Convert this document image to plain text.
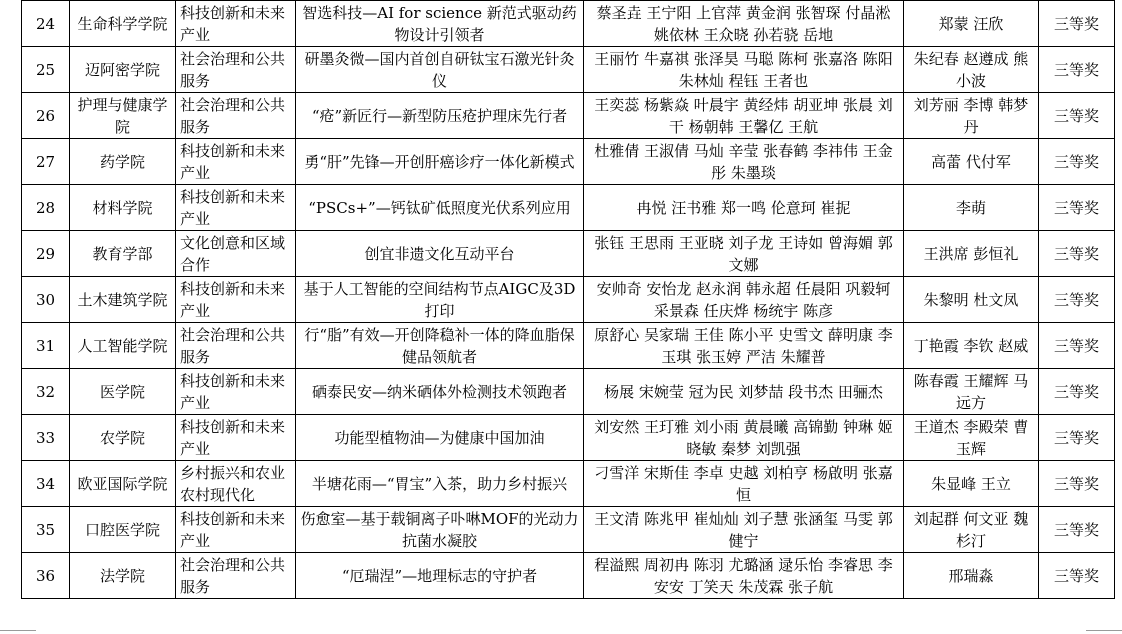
24	生命科学学院	科技创新和未来产业	智选科技—AI for science 新范式驱动药物设计引领者	蔡圣垚 王宁阳 上官萍 黄金润 张智琛 付晶淞 姚依林 王众晓 孙若骁 岳地	郑蒙 汪欣	三等奖
25	迈阿密学院	社会治理和公共服务	研墨灸微—国内首创自研钛宝石激光针灸仪	王丽竹 牛嘉祺 张泽昊 马聪 陈柯 张嘉洛 陈阳 朱林灿 程钰 王者也	朱纪春 赵遵成 熊小波	三等奖
26	护理与健康学院	社会治理和公共服务	“疮”新匠行—新型防压疮护理床先行者	王奕蕊 杨紫焱 叶晨宇 黄经炜 胡亚坤 张晨 刘干 杨朝韩 王馨亿 王航	刘芳丽 李博 韩梦丹	三等奖
27	药学院	科技创新和未来产业	勇“肝”先锋—开创肝癌诊疗一体化新模式	杜雅倩 王淑倩 马灿 辛莹 张春鹤 李祎伟 王金彤 朱墨琰	高蕾 代付军	三等奖
28	材料学院	科技创新和未来产业	“PSCs+”—钙钛矿低照度光伏系列应用	冉悦 汪书雅 郑一鸣 伦意珂 崔抳	李萌	三等奖
29	教育学部	文化创意和区域合作	创宜非遗文化互动平台	张钰 王思雨 王亚晓 刘子龙 王诗如 曾海媚 郭文娜	王洪席 彭恒礼	三等奖
30	土木建筑学院	科技创新和未来产业	基于人工智能的空间结构节点AIGC及3D打印	安帅奇 安怡龙 赵永润 韩永超 任晨阳 巩毅轲 采景森 任庆烨 杨统宇 陈彦	朱黎明 杜文凤	三等奖
31	人工智能学院	社会治理和公共服务	行“脂”有效—开创降稳补一体的降血脂保健品领航者	原舒心 吴家瑞 王佳 陈小平 史雪文 薛明康 李玉琪 张玉婷 严洁 朱耀普	丁艳霞 李钦 赵威	三等奖
32	医学院	科技创新和未来产业	硒泰民安—纳米硒体外检测技术领跑者	杨展 宋婉莹 冠为民 刘梦喆 段书杰 田骊杰	陈春霞 王耀辉 马远方	三等奖
33	农学院	科技创新和未来产业	功能型植物油—为健康中国加油	刘安然 王玎雅 刘小雨 黄晨曦 高锦勤 钟琳 姬晓敏 秦梦 刘凯强	王道杰 李殿荣 曹玉辉	三等奖
34	欧亚国际学院	乡村振兴和农业农村现代化	半塘花雨—“胃宝”入茶，助力乡村振兴	刁雪洋 宋斯佳 李卓 史越 刘柏亨 杨啟明 张嘉恒	朱显峰 王立	三等奖
35	口腔医学院	科技创新和未来产业	伤愈室—基于载铜离子卟啉MOF的光动力抗菌水凝胶	王文清 陈兆甲 崔灿灿 刘子慧 张涵玺 马雯 郭健宁	刘起群 何文亚 魏杉汀	三等奖
36	法学院	社会治理和公共服务	“厄瑞涅”—地理标志的守护者	程溢熙 周初冉 陈羽 尤璐涵 逯乐怡 李睿思 李安安 丁笑天 朱茂霖 张子航	邢瑞淼	三等奖
